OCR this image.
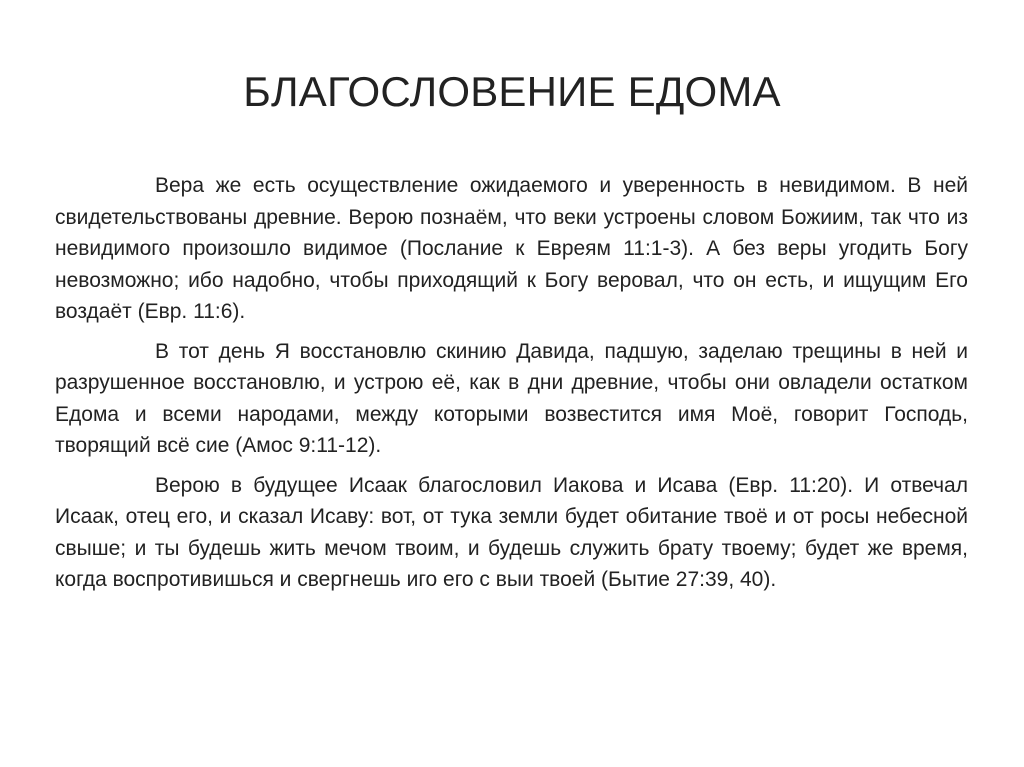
БЛАГОСЛОВЕНИЕ ЕДОМА

Вера же есть осуществление ожидаемого и уверенность в невидимом. В ней свидетельствованы древние. Верою познаём, что веки устроены словом Божиим, так что из невидимого произошло видимое (Послание к Евреям 11:1-3). А без веры угодить Богу невозможно; ибо надобно, чтобы приходящий к Богу веровал, что он есть, и ищущим Его воздаёт (Евр. 11:6).

В тот день Я восстановлю скинию Давида, падшую, заделаю трещины в ней и разрушенное восстановлю, и устрою её, как в дни древние, чтобы они овладели остатком Едома и всеми народами, между которыми возвестится имя Моё, говорит Господь, творящий всё сие (Амос 9:11-12).

Верою в будущее Исаак благословил Иакова и Исава (Евр. 11:20). И отвечал Исаак, отец его, и сказал Исаву: вот, от тука земли будет обитание твоё и от росы небесной свыше; и ты будешь жить мечом твоим, и будешь служить брату твоему; будет же время, когда воспротивишься и свергнешь иго его с выи твоей (Бытие 27:39, 40).
